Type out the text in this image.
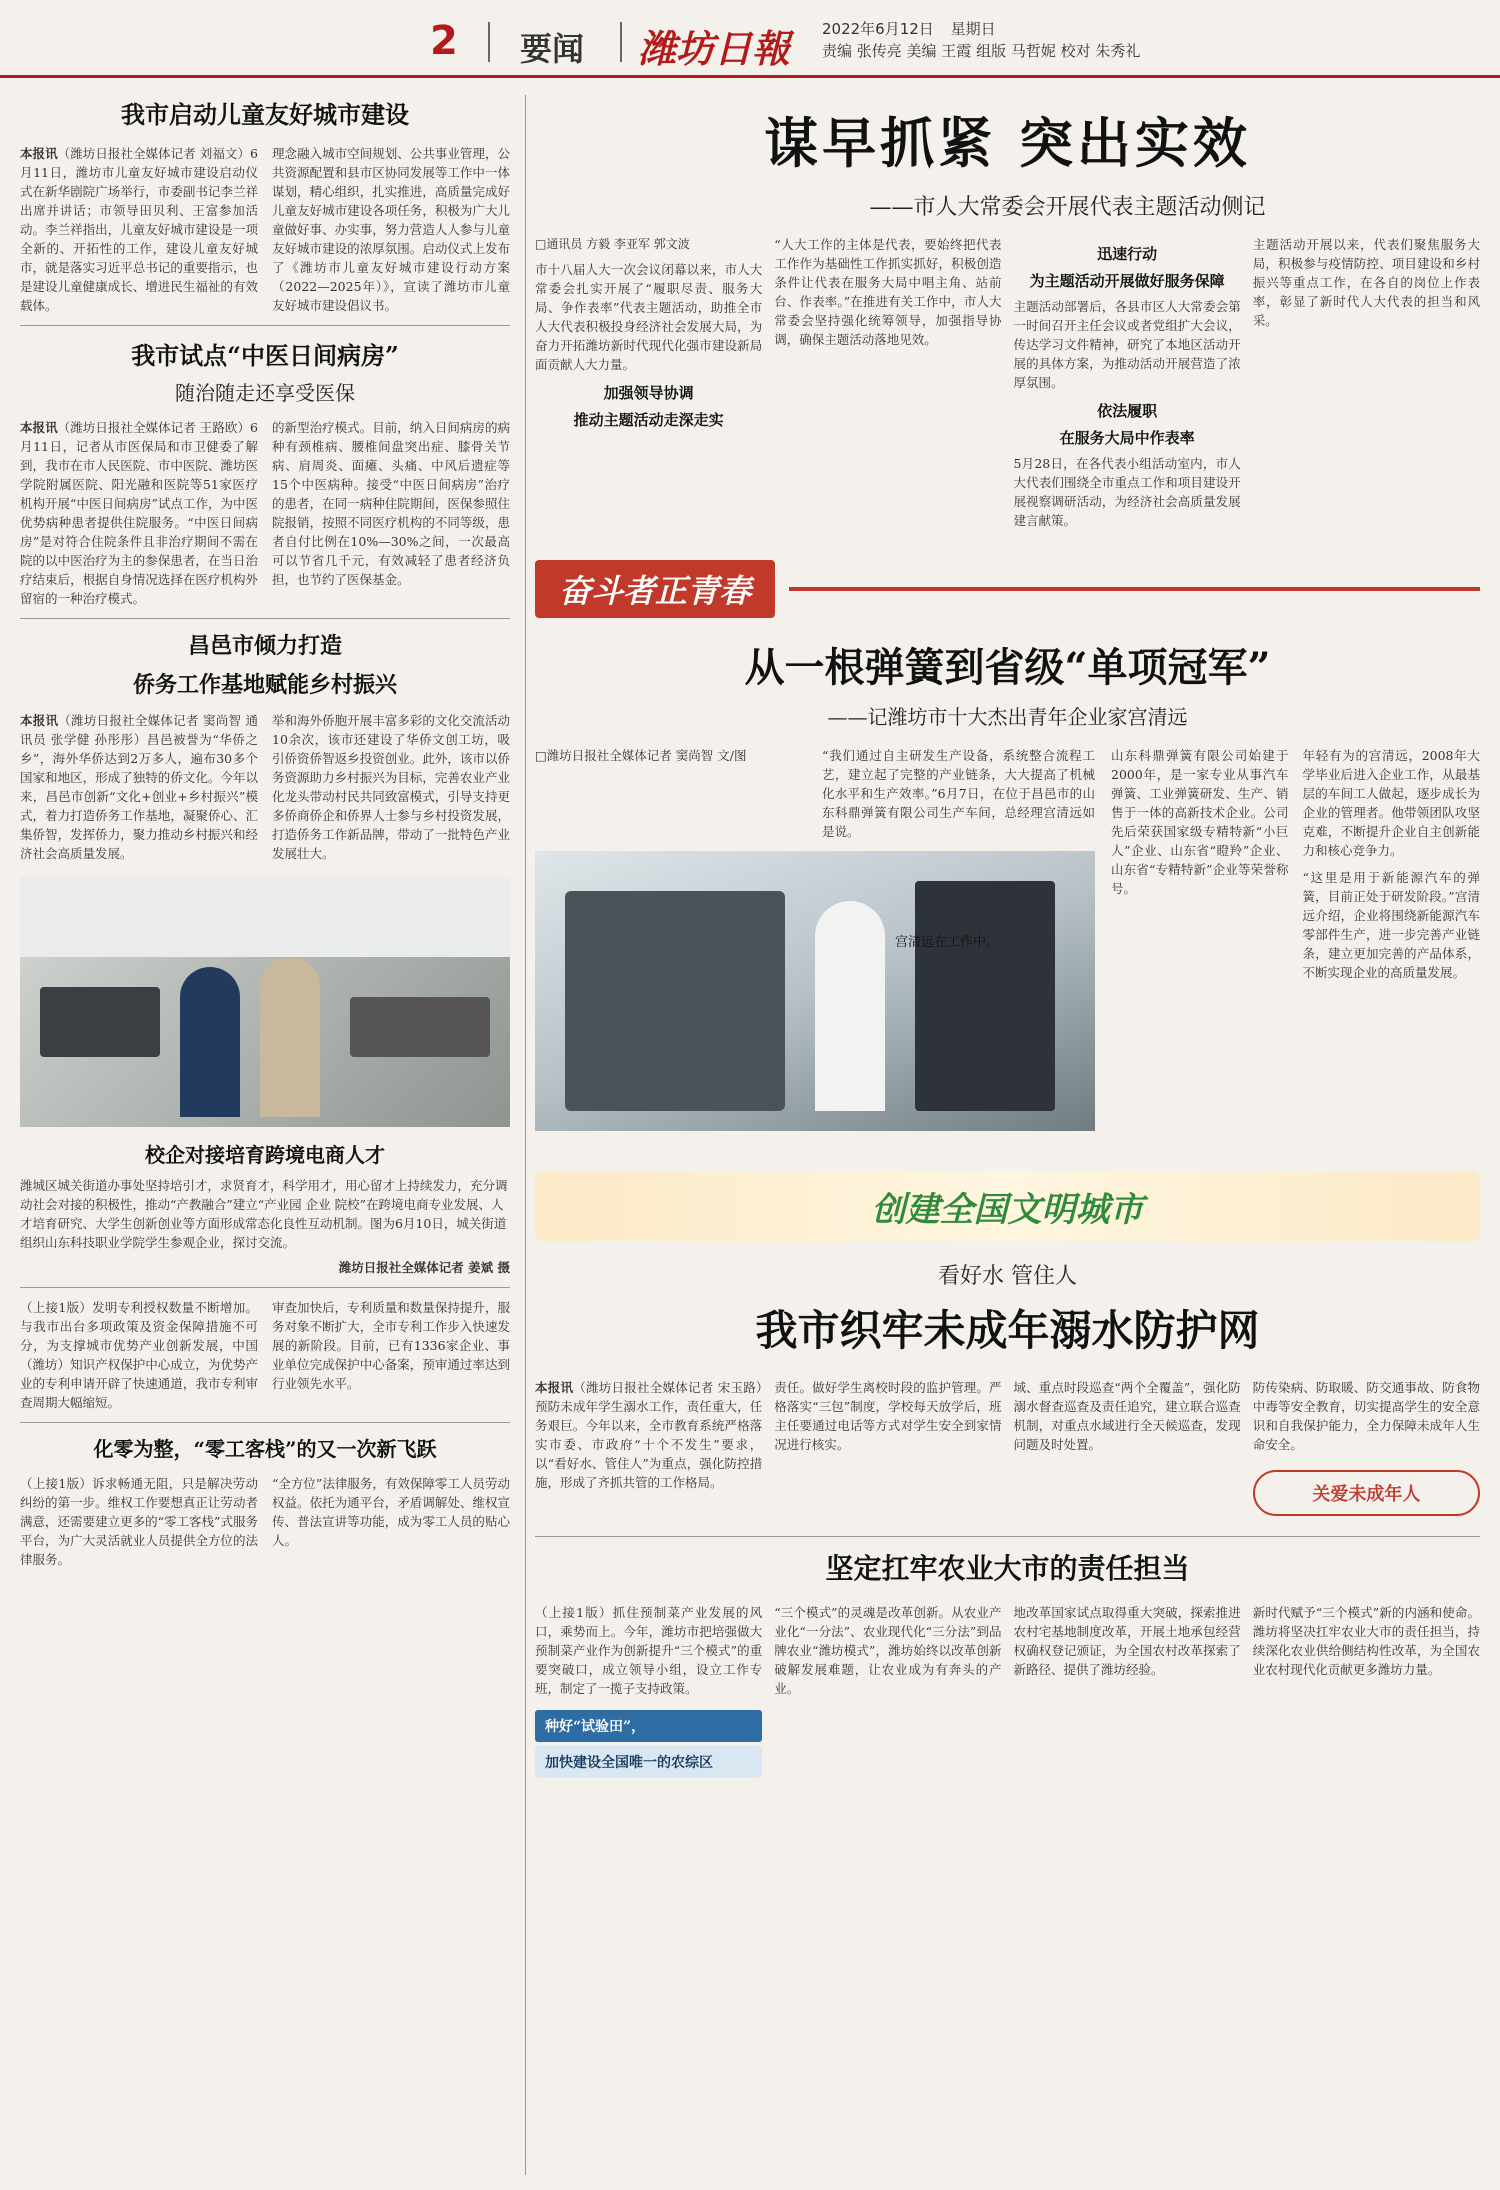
2 要闻 潍坊日報 2022年6月12日 星期日
责编 张传亮 美编 王霞 组版 马哲妮 校对 朱秀礼
我市启动儿童友好城市建设

本报讯（潍坊日报社全媒体记者 刘福文）6月11日，潍坊市儿童友好城市建设启动仪式在新华剧院广场举行，市委副书记李兰祥出席并讲话；市领导田贝利、王富参加活动。李兰祥指出，儿童友好城市建设是一项全新的、开拓性的工作，建设儿童友好城市，就是落实习近平总书记的重要指示，也是建设儿童健康成长、增进民生福祉的有效载体。

理念融入城市空间规划、公共事业管理，公共资源配置和县市区协同发展等工作中一体谋划，精心组织，扎实推进，高质量完成好儿童友好城市建设各项任务，积极为广大儿童做好事、办实事，努力营造人人参与儿童友好城市建设的浓厚氛围。启动仪式上发布了《潍坊市儿童友好城市建设行动方案（2022—2025年）》，宣读了潍坊市儿童友好城市建设倡议书。

我市试点“中医日间病房”
随治随走还享受医保

本报讯（潍坊日报社全媒体记者 王路欧）6月11日，记者从市医保局和市卫健委了解到，我市在市人民医院、市中医院、潍坊医学院附属医院、阳光融和医院等51家医疗机构开展“中医日间病房”试点工作，为中医优势病种患者提供住院服务。“中医日间病房”是对符合住院条件且非治疗期间不需在院的以中医治疗为主的参保患者，在当日治疗结束后，根据自身情况选择在医疗机构外留宿的一种治疗模式。

的新型治疗模式。目前，纳入日间病房的病种有颈椎病、腰椎间盘突出症、膝骨关节病、肩周炎、面瘫、头痛、中风后遗症等15个中医病种。接受“中医日间病房”治疗的患者，在同一病种住院期间，医保参照住院报销，按照不同医疗机构的不同等级，患者自付比例在10%—30%之间，一次最高可以节省几千元，有效减轻了患者经济负担，也节约了医保基金。

昌邑市倾力打造
侨务工作基地赋能乡村振兴

本报讯（潍坊日报社全媒体记者 窦尚智 通讯员 张学健 孙彤彤）昌邑被誉为“华侨之乡”，海外华侨达到2万多人，遍布30多个国家和地区，形成了独特的侨文化。今年以来，昌邑市创新“文化+创业+乡村振兴”模式，着力打造侨务工作基地，凝聚侨心、汇集侨智，发挥侨力，聚力推动乡村振兴和经济社会高质量发展。

举和海外侨胞开展丰富多彩的文化交流活动10余次，该市还建设了华侨文创工坊，吸引侨资侨智返乡投资创业。此外，该市以侨务资源助力乡村振兴为目标，完善农业产业化龙头带动村民共同致富模式，引导支持更多侨商侨企和侨界人士参与乡村投资发展，打造侨务工作新品牌，带动了一批特色产业发展壮大。

校企对接培育跨境电商人才

潍城区城关街道办事处坚持培引才，求贤育才，科学用才，用心留才上持续发力，充分调动社会对接的积极性，推动“产教融合”建立“产业园 企业 院校”在跨境电商专业发展、人才培育研究、大学生创新创业等方面形成常态化良性互动机制。图为6月10日，城关街道组织山东科技职业学院学生参观企业，探讨交流。

潍坊日报社全媒体记者 姜斌 摄

（上接1版）发明专利授权数量不断增加。与我市出台多项政策及资金保障措施不可分，为支撑城市优势产业创新发展，中国（潍坊）知识产权保护中心成立，为优势产业的专利申请开辟了快速通道，我市专利审查周期大幅缩短。

审查加快后，专利质量和数量保持提升，服务对象不断扩大，全市专利工作步入快速发展的新阶段。目前，已有1336家企业、事业单位完成保护中心备案，预审通过率达到行业领先水平。

化零为整，“零工客栈”的又一次新飞跃

（上接1版）诉求畅通无阻，只是解决劳动纠纷的第一步。维权工作要想真正让劳动者满意，还需要建立更多的“零工客栈”式服务平台，为广大灵活就业人员提供全方位的法律服务。

“全方位”法律服务，有效保障零工人员劳动权益。依托为通平台，矛盾调解处、维权宣传、普法宣讲等功能，成为零工人员的贴心人。

谋早抓紧 突出实效
——市人大常委会开展代表主题活动侧记

□通讯员 方毅 李亚军 郭文波

市十八届人大一次会议闭幕以来，市人大常委会扎实开展了“履职尽责、服务大局、争作表率”代表主题活动，助推全市人大代表积极投身经济社会发展大局，为奋力开拓潍坊新时代现代化强市建设新局面贡献人大力量。

加强领导协调
推动主题活动走深走实

“人大工作的主体是代表，要始终把代表工作作为基础性工作抓实抓好，积极创造条件让代表在服务大局中唱主角、站前台、作表率。”在推进有关工作中，市人大常委会坚持强化统筹领导，加强指导协调，确保主题活动落地见效。

迅速行动
为主题活动开展做好服务保障

主题活动部署后，各县市区人大常委会第一时间召开主任会议或者党组扩大会议，传达学习文件精神，研究了本地区活动开展的具体方案，为推动活动开展营造了浓厚氛围。

依法履职
在服务大局中作表率

5月28日，在各代表小组活动室内，市人大代表们围绕全市重点工作和项目建设开展视察调研活动，为经济社会高质量发展建言献策。

主题活动开展以来，代表们聚焦服务大局，积极参与疫情防控、项目建设和乡村振兴等重点工作，在各自的岗位上作表率，彰显了新时代人大代表的担当和风采。

奋斗者正青春
从一根弹簧到省级“单项冠军”
——记潍坊市十大杰出青年企业家宫清远

□潍坊日报社全媒体记者 窦尚智 文/图	“我们通过自主研发生产设备，系统整合流程工艺，建立起了完整的产业链条，大大提高了机械化水平和生产效率。”6月7日，在位于昌邑市的山东科鼎弹簧有限公司生产车间，总经理宫清远如是说。

宫清远在工作中。

山东科鼎弹簧有限公司始建于2000年，是一家专业从事汽车弹簧、工业弹簧研发、生产、销售于一体的高新技术企业。公司先后荣获国家级专精特新“小巨人”企业、山东省“瞪羚”企业、山东省“专精特新”企业等荣誉称号。

年轻有为的宫清远，2008年大学毕业后进入企业工作，从最基层的车间工人做起，逐步成长为企业的管理者。他带领团队攻坚克难，不断提升企业自主创新能力和核心竞争力。

“这里是用于新能源汽车的弹簧，目前正处于研发阶段。”宫清远介绍，企业将围绕新能源汽车零部件生产，进一步完善产业链条，建立更加完善的产品体系，不断实现企业的高质量发展。

创建全国文明城市
看好水 管住人
我市织牢未成年溺水防护网

本报讯（潍坊日报社全媒体记者 宋玉路）预防未成年学生溺水工作，责任重大，任务艰巨。今年以来，全市教育系统严格落实市委、市政府“十个不发生”要求，以“看好水、管住人”为重点，强化防控措施，形成了齐抓共管的工作格局。

责任。做好学生离校时段的监护管理。严格落实“三包”制度，学校每天放学后，班主任要通过电话等方式对学生安全到家情况进行核实。

域、重点时段巡查“两个全覆盖”，强化防溺水督查巡查及责任追究，建立联合巡查机制，对重点水域进行全天候巡查，发现问题及时处置。

防传染病、防取暖、防交通事故、防食物中毒等安全教育，切实提高学生的安全意识和自我保护能力，全力保障未成年人生命安全。

关爱未成年人
坚定扛牢农业大市的责任担当

（上接1版）抓住预制菜产业发展的风口，乘势而上。今年，潍坊市把培强做大预制菜产业作为创新提升“三个模式”的重要突破口，成立领导小组，设立工作专班，制定了一揽子支持政策。

种好“试验田”，
加快建设全国唯一的农综区

“三个模式”的灵魂是改革创新。从农业产业化“一分法”、农业现代化“三分法”到品牌农业“潍坊模式”，潍坊始终以改革创新破解发展难题，让农业成为有奔头的产业。

地改革国家试点取得重大突破，探索推进农村宅基地制度改革，开展土地承包经营权确权登记颁证，为全国农村改革探索了新路径、提供了潍坊经验。

新时代赋予“三个模式”新的内涵和使命。潍坊将坚决扛牢农业大市的责任担当，持续深化农业供给侧结构性改革，为全国农业农村现代化贡献更多潍坊力量。
